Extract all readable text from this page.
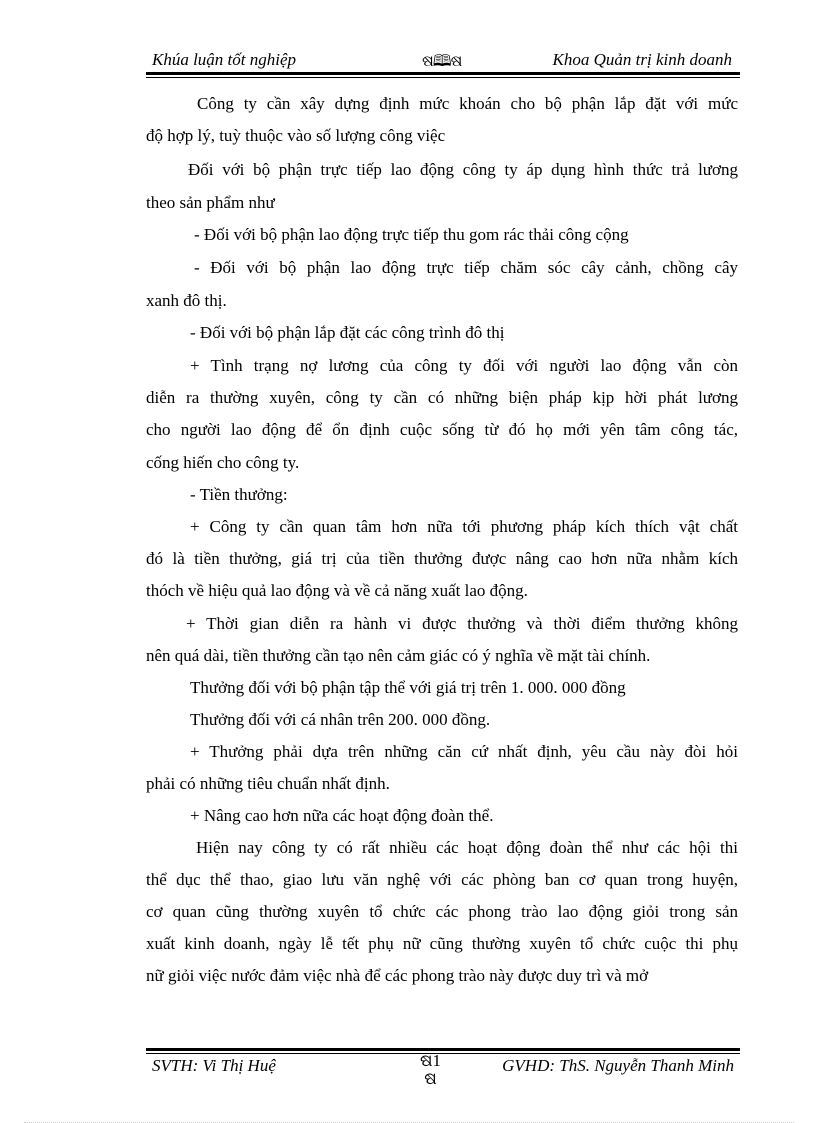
Khúa luận tốt nghiệp	ଷ🕮ଷ	Khoa Quản trị kinh doanh
Công ty cần xây dựng định mức khoán cho bộ phận lắp đặt với mức
độ hợp lý, tuỳ thuộc vào số lượng công việc
Đối với bộ phận trực tiếp lao động công ty áp dụng hình thức trả lương
theo sản phẩm như
- Đối với bộ phận lao động trực tiếp thu gom rác thải công cộng
- Đối với bộ phận lao động trực tiếp chăm sóc cây cảnh, chồng cây
xanh đô thị.
- Đối với bộ phận lắp đặt các công trình đô thị
+ Tình trạng nợ lương của công ty đối với người lao động vẫn còn
diễn ra thường xuyên, công ty cần có những biện pháp kịp hời phát lương
cho người lao động để ổn định cuộc sống từ đó họ mới yên tâm công tác,
cống hiến cho công ty.
- Tiền thưởng:
+ Công ty cần quan tâm hơn nữa tới phương pháp kích thích vật chất
đó là tiền thưởng, giá trị của tiền thưởng được nâng cao hơn nữa nhằm kích
thóch về hiệu quả lao động và về cả năng xuất lao động.
+ Thời gian diễn ra hành vi được thưởng và thời điểm thưởng không
nên quá dài, tiền thưởng cần tạo nên cảm giác có ý nghĩa về mặt tài chính.
Thưởng đối với bộ phận tập thể với giá trị trên 1. 000. 000 đồng
Thưởng đối với cá nhân trên 200. 000 đồng.
+ Thưởng phải dựa trên những căn cứ nhất định, yêu cầu này đòi hỏi
phải có những tiêu chuẩn nhất định.
+ Nâng cao hơn nữa các hoạt động đoàn thể.
Hiện nay công ty có rất nhiều các hoạt động đoàn thể như các hội thi
thể dục thể thao, giao lưu văn nghệ với các phòng ban cơ quan trong huyện,
cơ quan cũng thường xuyên tổ chức các phong trào lao động giỏi trong sản
xuất kinh doanh, ngày lễ tết phụ nữ cũng thường xuyên tổ chức cuộc thi phụ
nữ giỏi việc nước đảm việc nhà để các phong trào này được duy trì và mở
SVTH: Vi Thị Huệ	ଷ1
ଷ
GVHD: ThS. Nguyễn Thanh Minh
